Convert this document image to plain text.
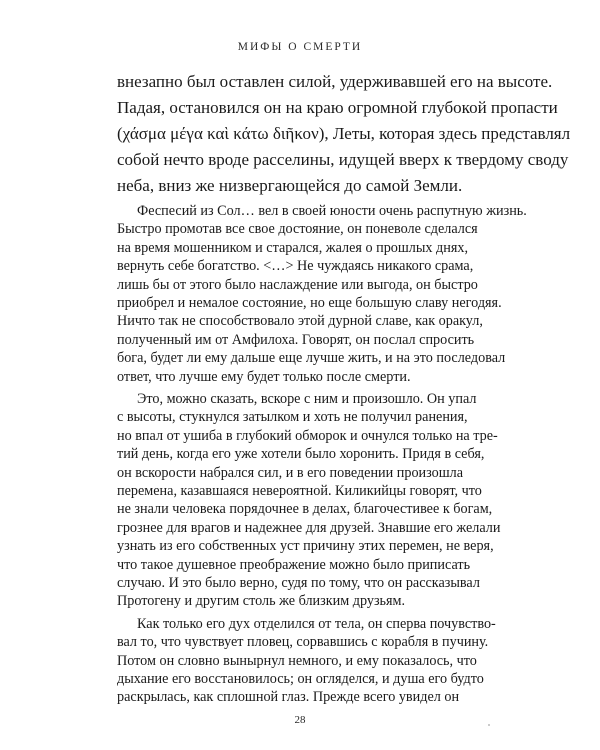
МИФЫ О СМЕРТИ
внезапно был оставлен силой, удерживавшей его на высоте.
Падая, остановился он на краю огромной глубокой пропасти
(χάσμα μέγα καὶ κάτω διῆκον), Леты, которая здесь представлял
собой нечто вроде расселины, идущей вверх к твердому своду
неба, вниз же низвергающейся до самой Земли.
Феспесий из Сол… вел в своей юности очень распутную жизнь.
Быстро промотав все свое достояние, он поневоле сделался
на время мошенником и старался, жалея о прошлых днях,
вернуть себе богатство. <…> Не чуждаясь никакого срама,
лишь бы от этого было наслаждение или выгода, он быстро
приобрел и немалое состояние, но еще большую славу негодяя.
Ничто так не способствовало этой дурной славе, как оракул,
полученный им от Амфилоха. Говорят, он послал спросить
бога, будет ли ему дальше еще лучше жить, и на это последовал
ответ, что лучше ему будет только после смерти.
Это, можно сказать, вскоре с ним и произошло. Он упал
с высоты, стукнулся затылком и хоть не получил ранения,
но впал от ушиба в глубокий обморок и очнулся только на тре-
тий день, когда его уже хотели было хоронить. Придя в себя,
он вскорости набрался сил, и в его поведении произошла
перемена, казавшаяся невероятной. Киликийцы говорят, что
не знали человека порядочнее в делах, благочестивее к богам,
грознее для врагов и надежнее для друзей. Знавшие его желали
узнать из его собственных уст причину этих перемен, не веря,
что такое душевное преображение можно было приписать
случаю. И это было верно, судя по тому, что он рассказывал
Протогену и другим столь же близким друзьям.
Как только его дух отделился от тела, он сперва почувство-
вал то, что чувствует пловец, сорвавшись с корабля в пучину.
Потом он словно вынырнул немного, и ему показалось, что
дыхание его восстановилось; он огляделся, и душа его будто
раскрылась, как сплошной глаз. Прежде всего увидел он
28
